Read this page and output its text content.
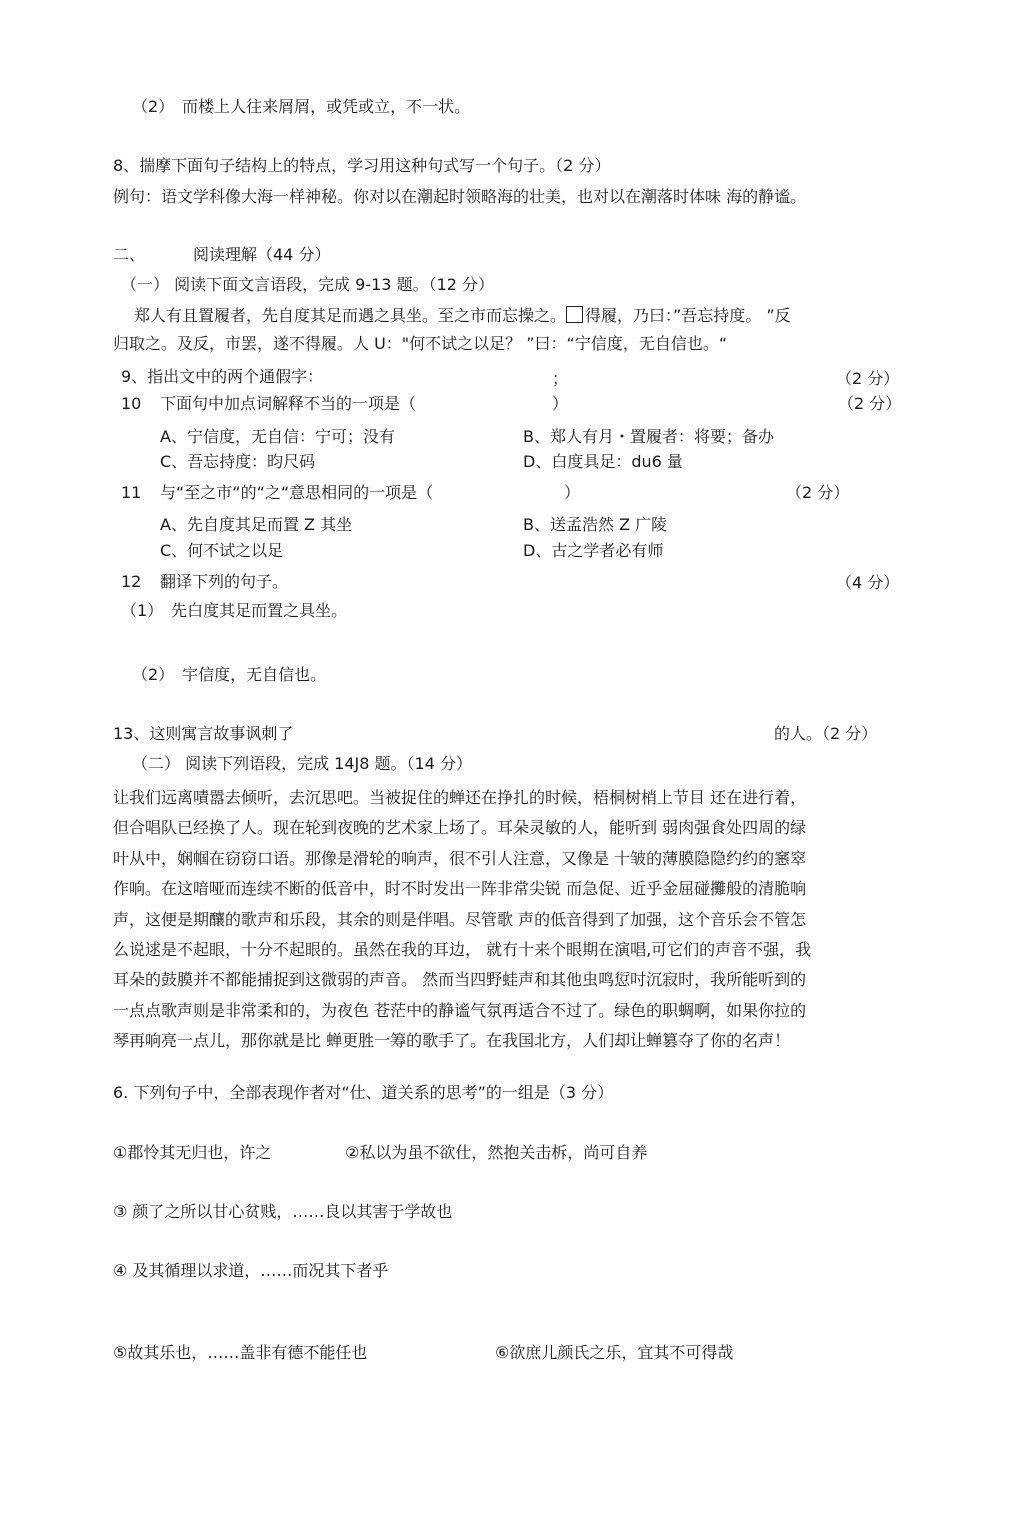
（2）　而楼上人往来屑屑，或凭或立，不一状。
8、揣摩下面句子结构上的特点，学习用这种句式写一个句子。（2 分）
例句：语文学科像大海一样神秘。你对以在潮起时领略海的壮美，也对以在潮落时体味 海的静谧。
二、	阅读理解（44 分）
（一） 阅读下面文言语段，完成 9-13 题。（12 分）
郑人有且置履者，先自度其足而遇之具坐。至之市而忘操之。 得履，乃曰：”吾忘持度。 ”反
归取之。及反，市罢，遂不得履。人 U："何不试之以足？ ”曰：“宁信度，无自信也。“
9、指出文中的两个通假字：	；	（2 分）
10 下面句中加点词解释不当的一项是（	）	（2 分）
A、宁信度，无自信：宁可；没有	B、郑人有月・置履者：将要；备办
C、吾忘持度：昀尺码	D、白度具足：du6 量
11 与“至之市“的“之“意思相同的一项是（	）	（2 分）
A、先自度其足而置 Z 其坐	B、送孟浩然 Z 广陵
C、何不试之以足	D、古之学者必有师
12 翻译下列的句子。	（4 分）
（1）　先白度其足而置之具坐。
（2）　宇信度，无自信也。
13、这则寓言故事讽刺了	的人。（2 分）
（二） 阅读下列语段，完成 14J8 题。（14 分）
让我们远离嘖嚣去倾听，去沉思吧。当被捉住的蝉还在挣扎的时候，梧桐树梢上节目 还在进行着，
但合唱队已经换了人。现在轮到夜晚的艺术家上场了。耳朵灵敏的人，能听到 弱肉强食处四周的绿
叶从中，娴帼在窃窃口语。那像是滑轮的响声，很不引人注意，又像是 十皱的薄膜隐隐约约的窸窣
作响。在这喑哑而连续不断的低音中，时不时发出一阵非常尖锐 而急促、近乎金屈碰攤般的清脆响
声，这便是期釀的歌声和乐段，其余的则是伴唱。尽管歌 声的低音得到了加强，这个音乐会不管怎
么说逑是不起眼，十分不起眼的。虽然在我的耳边， 就冇十来个眼期在演唱,可它们的声音不强，我
耳朵的鼓膜并不都能捕捉到这微弱的声音。 然而当四野蛙声和其他虫鸣愆吋沉寂时，我所能听到的
一点点歌声则是非常柔和的，为夜色 苍茫中的静谧气氛再适合不过了。绿色的职蜩啊，如果你拉的
琴再响亮一点儿，那你就是比 蝉更胜一筹的歌手了。在我国北方，人们却让蝉篡夺了你的名声！
6. 下列句子中，全部表现作者对“仕、道关系的思考”的一组是（3 分）
①郡怜其无归也，许之	②私以为虽不欲仕，然抱关击柝，尚可自养
③ 颜了之所以甘心贫贱，……良以其害于学故也
④ 及其循理以求道，……而况其下者乎
⑤故其乐也，……盖非有德不能任也	⑥欲庶儿颜氏之乐，宜其不可得哉
